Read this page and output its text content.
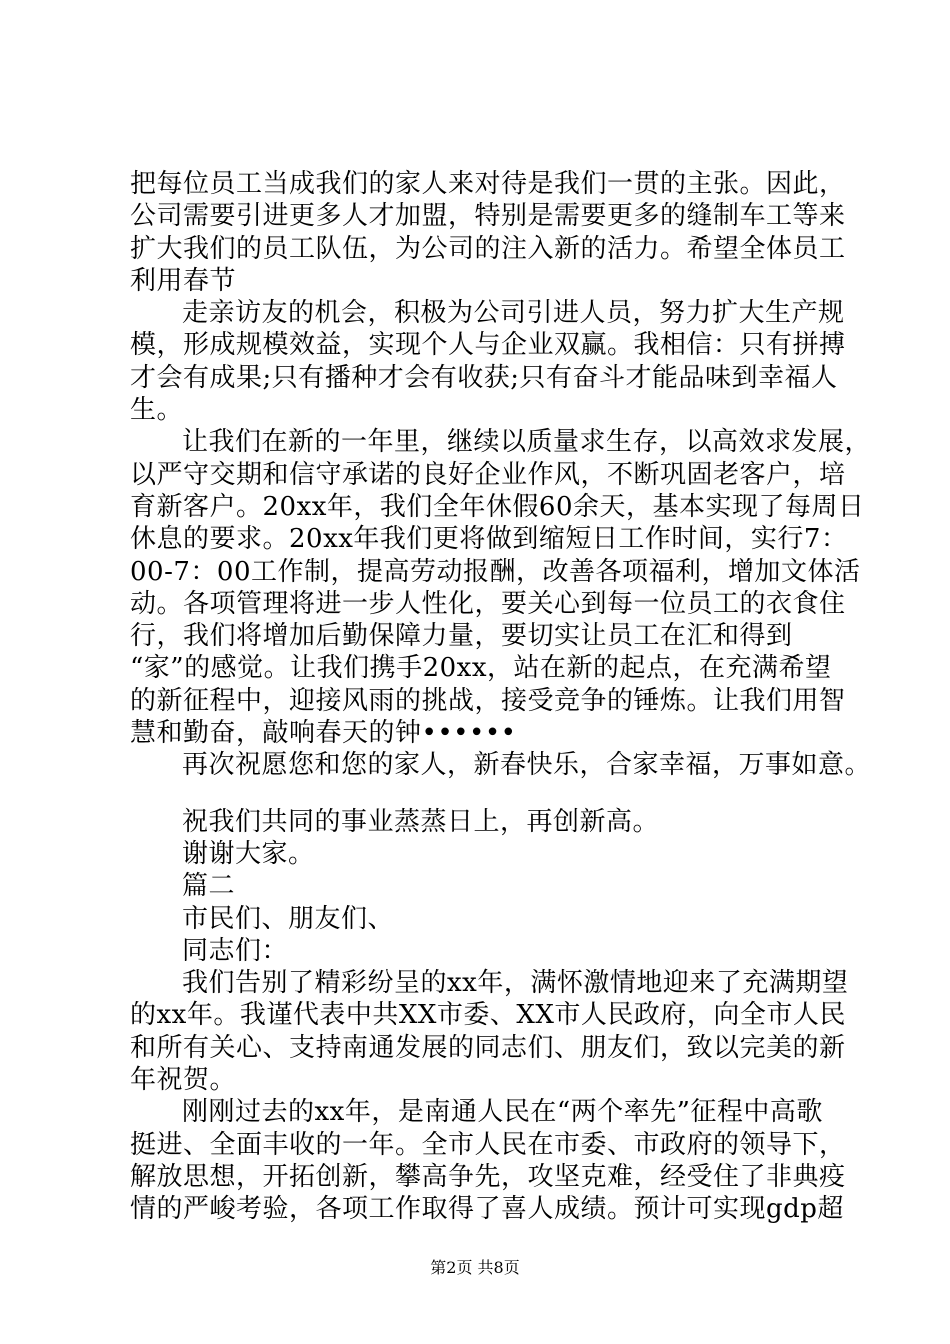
把每位员工当成我们的家人来对待是我们一贯的主张。因此，
公司需要引进更多人才加盟，特别是需要更多的缝制车工等来
扩大我们的员工队伍，为公司的注入新的活力。希望全体员工
利用春节
走亲访友的机会，积极为公司引进人员，努力扩大生产规
模，形成规模效益，实现个人与企业双赢。我相信：只有拼搏
才会有成果;只有播种才会有收获;只有奋斗才能品味到幸福人
生。
让我们在新的一年里，继续以质量求生存，以高效求发展，
以严守交期和信守承诺的良好企业作风，不断巩固老客户，培
育新客户。20xx年，我们全年休假60余天，基本实现了每周日
休息的要求。20xx年我们更将做到缩短日工作时间，实行7：
00-7：00工作制，提高劳动报酬，改善各项福利，增加文体活
动。各项管理将进一步人性化，要关心到每一位员工的衣食住
行，我们将增加后勤保障力量，要切实让员工在汇和得到
“家”的感觉。让我们携手20xx，站在新的起点，在充满希望
的新征程中，迎接风雨的挑战，接受竞争的锤炼。让我们用智
慧和勤奋，敲响春天的钟••••••
再次祝愿您和您的家人，新春快乐，合家幸福，万事如意。
祝我们共同的事业蒸蒸日上，再创新高。
谢谢大家。
篇二
市民们、朋友们、
同志们：
我们告别了精彩纷呈的xx年，满怀激情地迎来了充满期望
的xx年。我谨代表中共XX市委、XX市人民政府，向全市人民
和所有关心、支持南通发展的同志们、朋友们，致以完美的新
年祝贺。
刚刚过去的xx年，是南通人民在“两个率先”征程中高歌
挺进、全面丰收的一年。全市人民在市委、市政府的领导下，
解放思想，开拓创新，攀高争先，攻坚克难，经受住了非典疫
情的严峻考验，各项工作取得了喜人成绩。预计可实现gdp超
第2页 共8页
